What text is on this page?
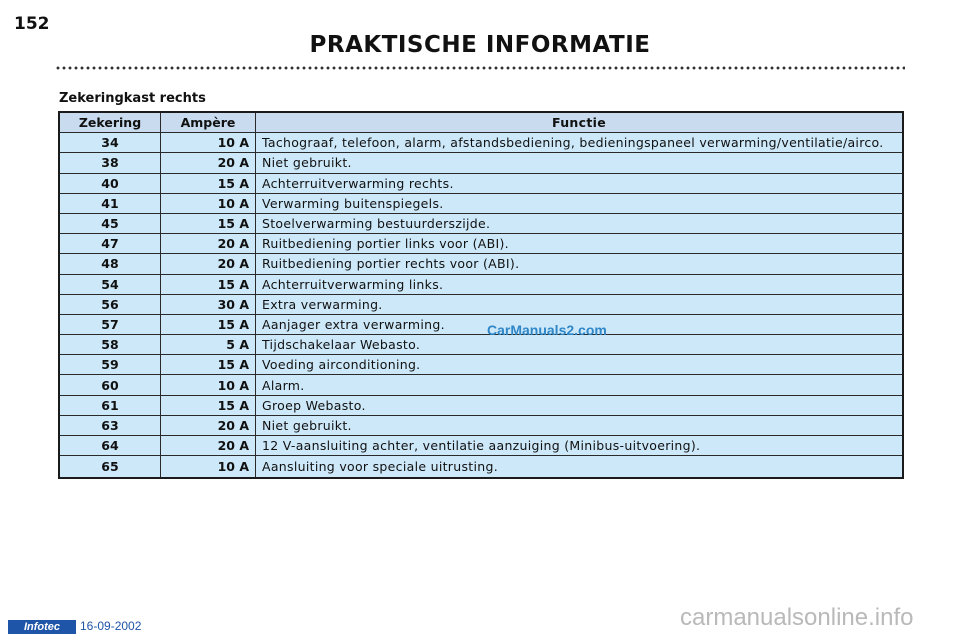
152
PRAKTISCHE INFORMATIE
Zekeringkast rechts
Zekering	Ampère	Functie
34	10 A	Tachograaf, telefoon, alarm, afstandsbediening, bedieningspaneel verwarming/ventilatie/airco.
38	20 A	Niet gebruikt.
40	15 A	Achterruitverwarming rechts.
41	10 A	Verwarming buitenspiegels.
45	15 A	Stoelverwarming bestuurderszijde.
47	20 A	Ruitbediening portier links voor (ABI).
48	20 A	Ruitbediening portier rechts voor (ABI).
54	15 A	Achterruitverwarming links.
56	30 A	Extra verwarming.
57	15 A	Aanjager extra verwarming.
58	5 A	Tijdschakelaar Webasto.
59	15 A	Voeding airconditioning.
60	10 A	Alarm.
61	15 A	Groep Webasto.
63	20 A	Niet gebruikt.
64	20 A	12 V-aansluiting achter, ventilatie aanzuiging (Minibus-uitvoering).
65	10 A	Aansluiting voor speciale uitrusting.
CarManuals2.com
Infotec	16-09-2002	carmanualsonline.info
